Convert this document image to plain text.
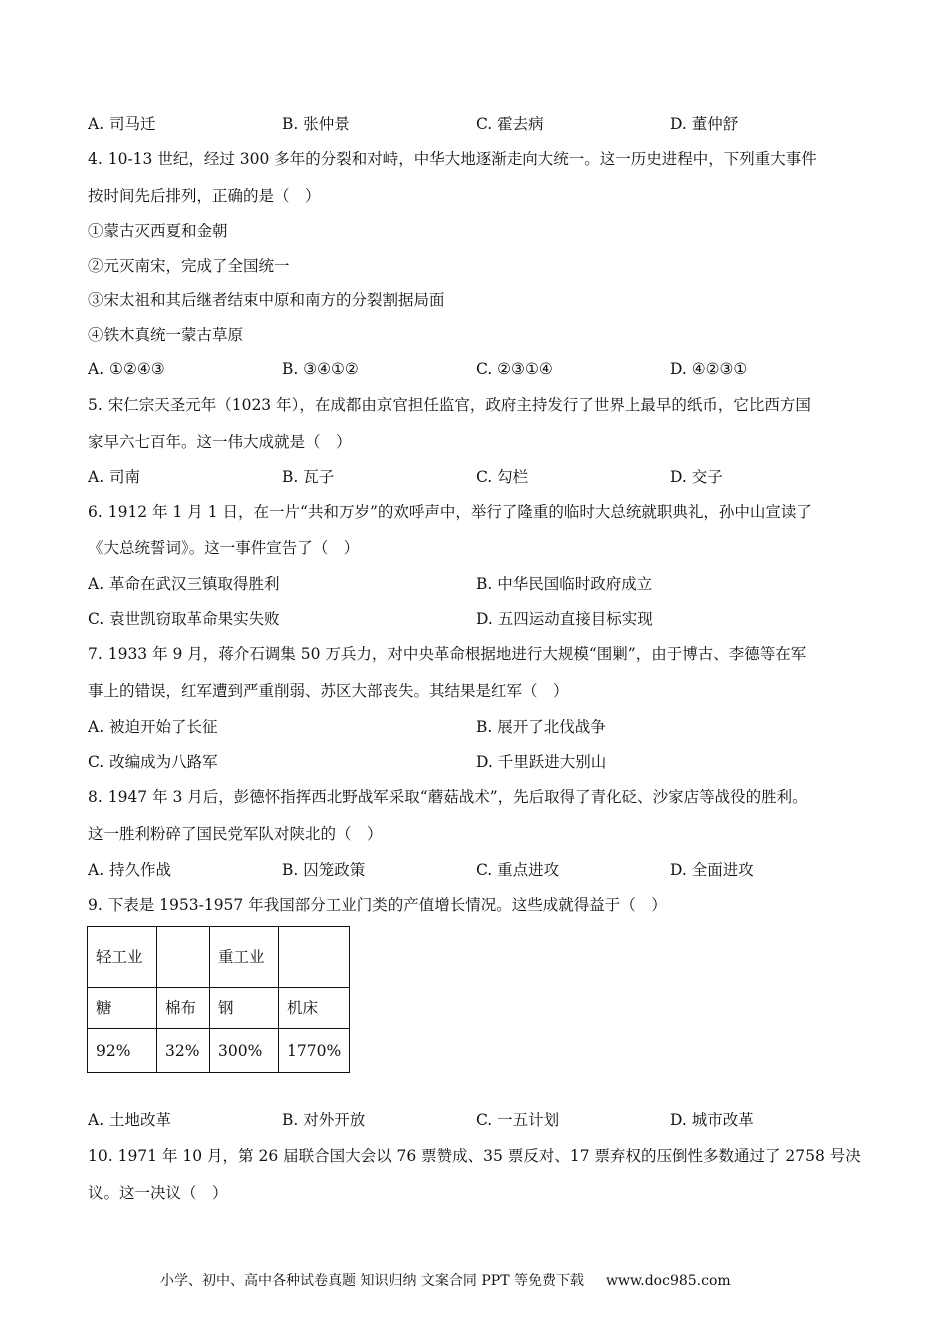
A. 司马迁	B. 张仲景	C. 霍去病	D. 董仲舒
4. 10-13 世纪，经过 300 多年的分裂和对峙，中华大地逐渐走向大统一。这一历史进程中，下列重大事件
按时间先后排列，正确的是（　）
①蒙古灭西夏和金朝
②元灭南宋，完成了全国统一
③宋太祖和其后继者结束中原和南方的分裂割据局面
④铁木真统一蒙古草原
A. ①②④③	B. ③④①②	C. ②③①④	D. ④②③①
5. 宋仁宗天圣元年（1023 年），在成都由京官担任监官，政府主持发行了世界上最早的纸币，它比西方国
家早六七百年。这一伟大成就是（　）
A. 司南	B. 瓦子	C. 勾栏	D. 交子
6. 1912 年 1 月 1 日，在一片“共和万岁”的欢呼声中，举行了隆重的临时大总统就职典礼，孙中山宣读了
《大总统誓词》。这一事件宣告了（　）
A. 革命在武汉三镇取得胜利	B. 中华民国临时政府成立
C. 袁世凯窃取革命果实失败	D. 五四运动直接目标实现
7. 1933 年 9 月，蒋介石调集 50 万兵力，对中央革命根据地进行大规模“围剿”，由于博古、李德等在军
事上的错误，红军遭到严重削弱、苏区大部丧失。其结果是红军（　）
A. 被迫开始了长征	B. 展开了北伐战争
C. 改编成为八路军	D. 千里跃进大别山
8. 1947 年 3 月后，彭德怀指挥西北野战军采取“蘑菇战术”，先后取得了青化砭、沙家店等战役的胜利。
这一胜利粉碎了国民党军队对陕北的（　）
A. 持久作战	B. 囚笼政策	C. 重点进攻	D. 全面进攻
9. 下表是 1953-1957 年我国部分工业门类的产值增长情况。这些成就得益于（　）
轻工业		重工业	
糖	棉布	钢	机床
92%	32%	300%	1770%
A. 土地改革	B. 对外开放	C. 一五计划	D. 城市改革
10. 1971 年 10 月，第 26 届联合国大会以 76 票赞成、35 票反对、17 票弃权的压倒性多数通过了 2758 号决
议。这一决议（　）
小学、初中、高中各种试卷真题 知识归纳 文案合同 PPT 等免费下载 www.doc985.com
